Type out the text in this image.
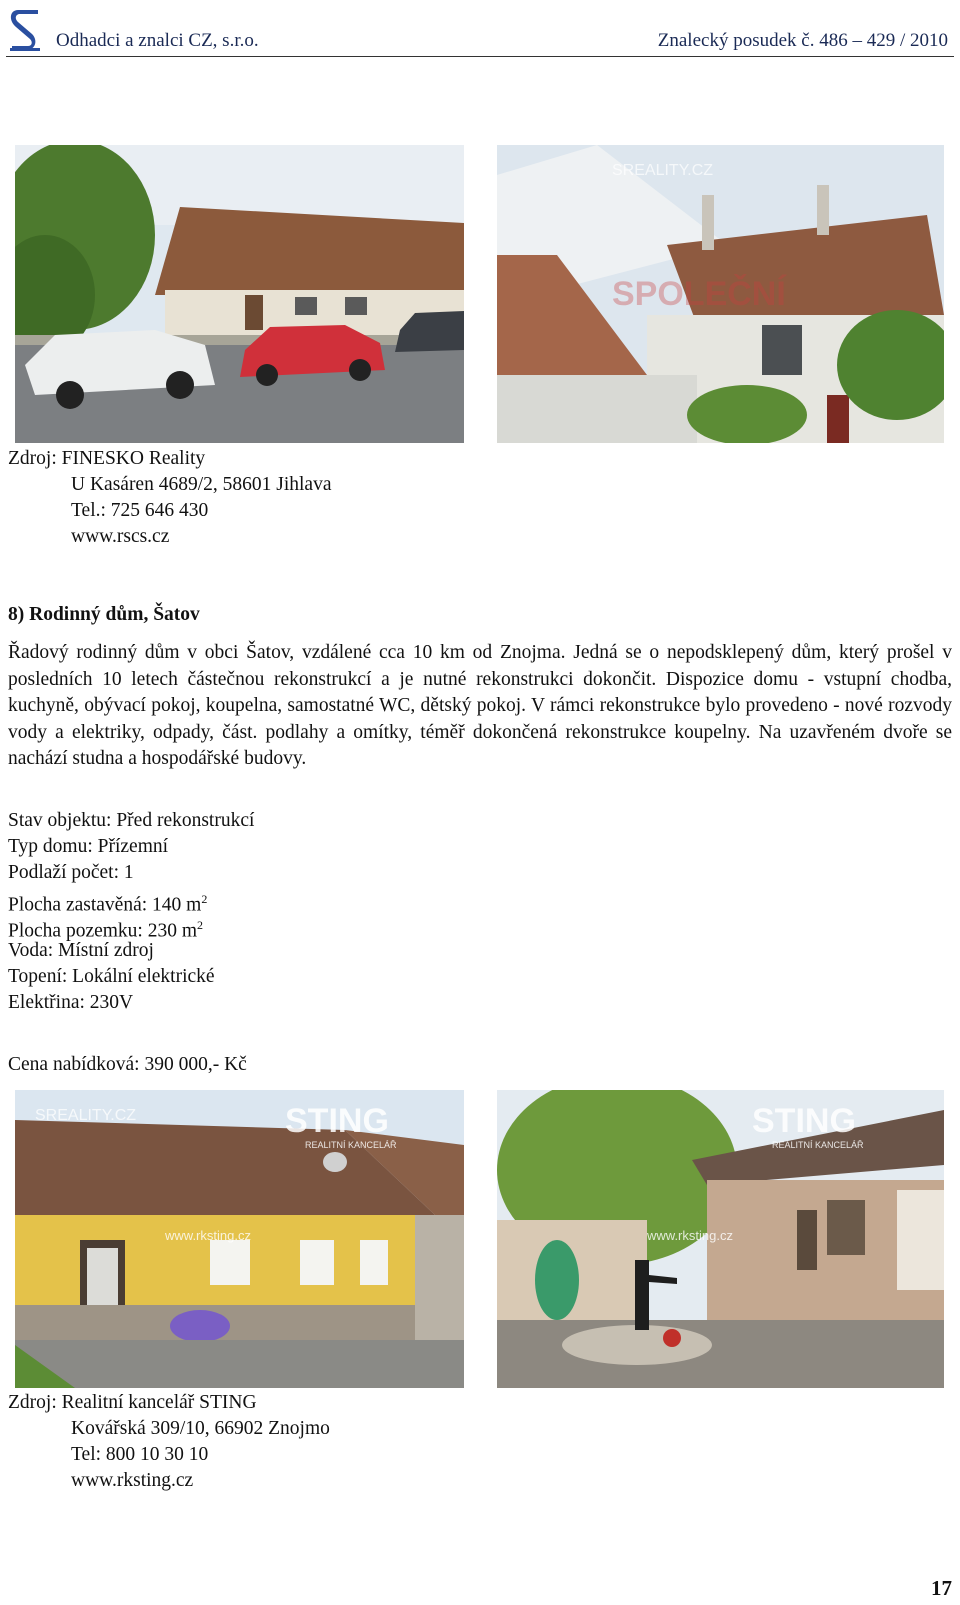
Odhadci a znalci CZ, s.r.o.	Znalecký posudek č. 486 – 429 / 2010
SREALITY.CZ
SPOLEČNÍ
Zdroj: FINESKO Reality
U Kasáren 4689/2, 58601 Jihlava
Tel.: 725 646 430
www.rscs.cz
8) Rodinný dům, Šatov

Řadový rodinný dům v obci Šatov, vzdálené cca 10 km od Znojma. Jedná se o nepodsklepený dům, který prošel v posledních 10 letech částečnou rekonstrukcí a je nutné rekonstrukci dokončit. Dispozice domu - vstupní chodba, kuchyně, obývací pokoj, koupelna, samostatné WC, dětský pokoj. V rámci rekonstrukce bylo provedeno - nové rozvody vody a elektriky, odpady, část. podlahy a omítky, téměř dokončená rekonstrukce koupelny. Na uzavřeném dvoře se nachází studna a hospodářské budovy.

Stav objektu: Před rekonstrukcí
Typ domu: Přízemní
Podlaží počet: 1
Plocha zastavěná: 140 $m^2$
Plocha pozemku: 230 $m^2$
Voda: Místní zdroj
Topení: Lokální elektrické
Elektřina: 230V
Cena nabídková: 390 000,- Kč
SREALITY.CZ	STING
REALITNÍ KANCELÁŘ
www.rksting.cz
STING
REALITNÍ KANCELÁŘ
www.rksting.cz
Zdroj: Realitní kancelář STING
Kovářská 309/10, 66902 Znojmo
Tel: 800 10 30 10
www.rksting.cz
17
